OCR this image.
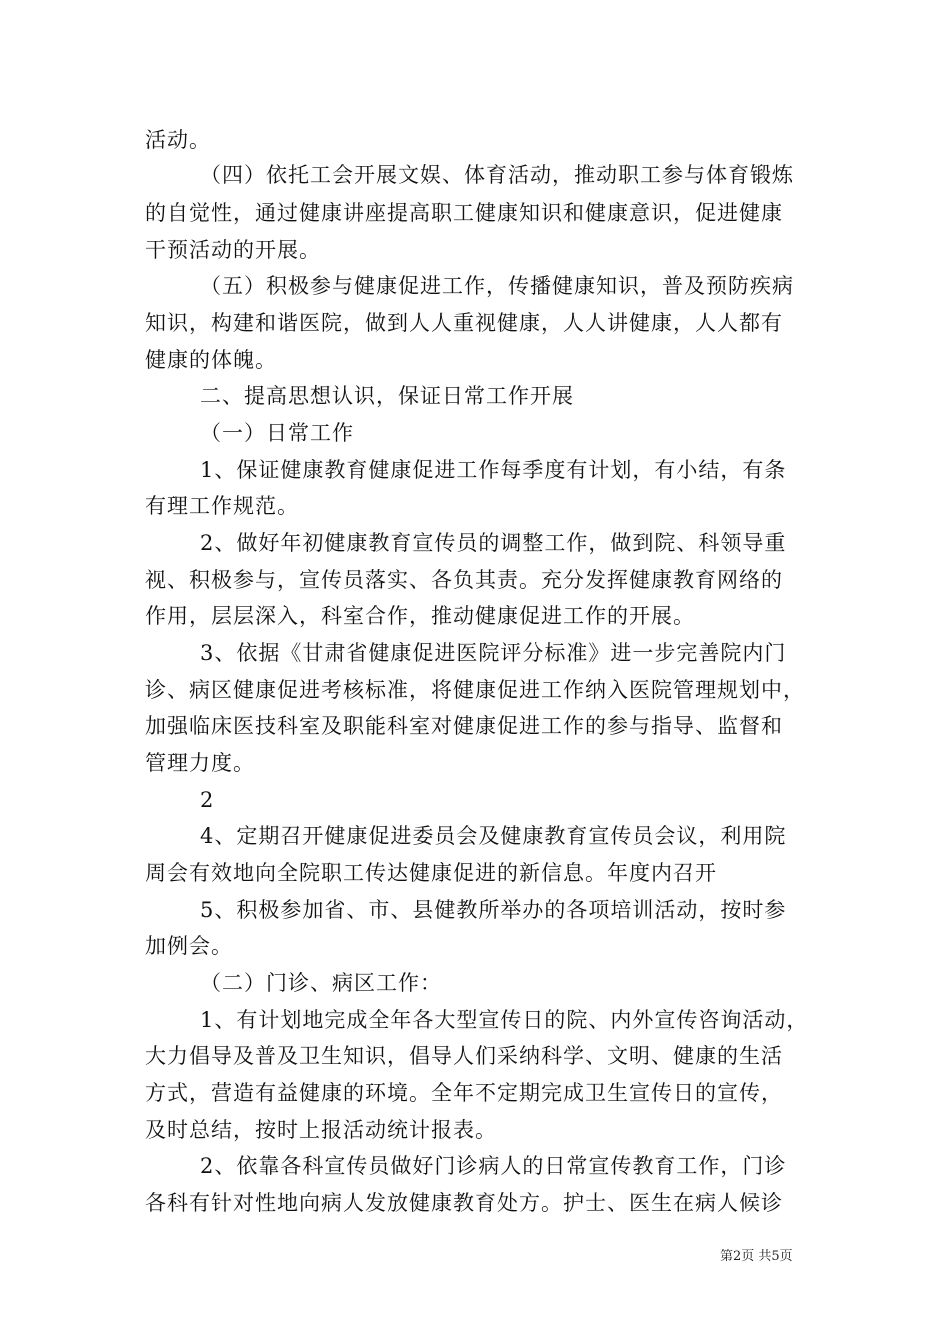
活动。
（四）依托工会开展文娱、体育活动，推动职工参与体育锻炼
的自觉性，通过健康讲座提高职工健康知识和健康意识，促进健康
干预活动的开展。
（五）积极参与健康促进工作，传播健康知识，普及预防疾病
知识，构建和谐医院，做到人人重视健康，人人讲健康，人人都有
健康的体魄。
二、提高思想认识，保证日常工作开展
（一）日常工作
1、保证健康教育健康促进工作每季度有计划，有小结，有条
有理工作规范。
2、做好年初健康教育宣传员的调整工作，做到院、科领导重
视、积极参与，宣传员落实、各负其责。充分发挥健康教育网络的
作用，层层深入，科室合作，推动健康促进工作的开展。
3、依据《甘肃省健康促进医院评分标准》进一步完善院内门
诊、病区健康促进考核标准，将健康促进工作纳入医院管理规划中，
加强临床医技科室及职能科室对健康促进工作的参与指导、监督和
管理力度。
2
4、定期召开健康促进委员会及健康教育宣传员会议，利用院
周会有效地向全院职工传达健康促进的新信息。年度内召开
5、积极参加省、市、县健教所举办的各项培训活动，按时参
加例会。
（二）门诊、病区工作：
1、有计划地完成全年各大型宣传日的院、内外宣传咨询活动，
大力倡导及普及卫生知识，倡导人们采纳科学、文明、健康的生活
方式，营造有益健康的环境。全年不定期完成卫生宣传日的宣传，
及时总结，按时上报活动统计报表。
2、依靠各科宣传员做好门诊病人的日常宣传教育工作，门诊
各科有针对性地向病人发放健康教育处方。护士、医生在病人候诊
第2页 共5页
